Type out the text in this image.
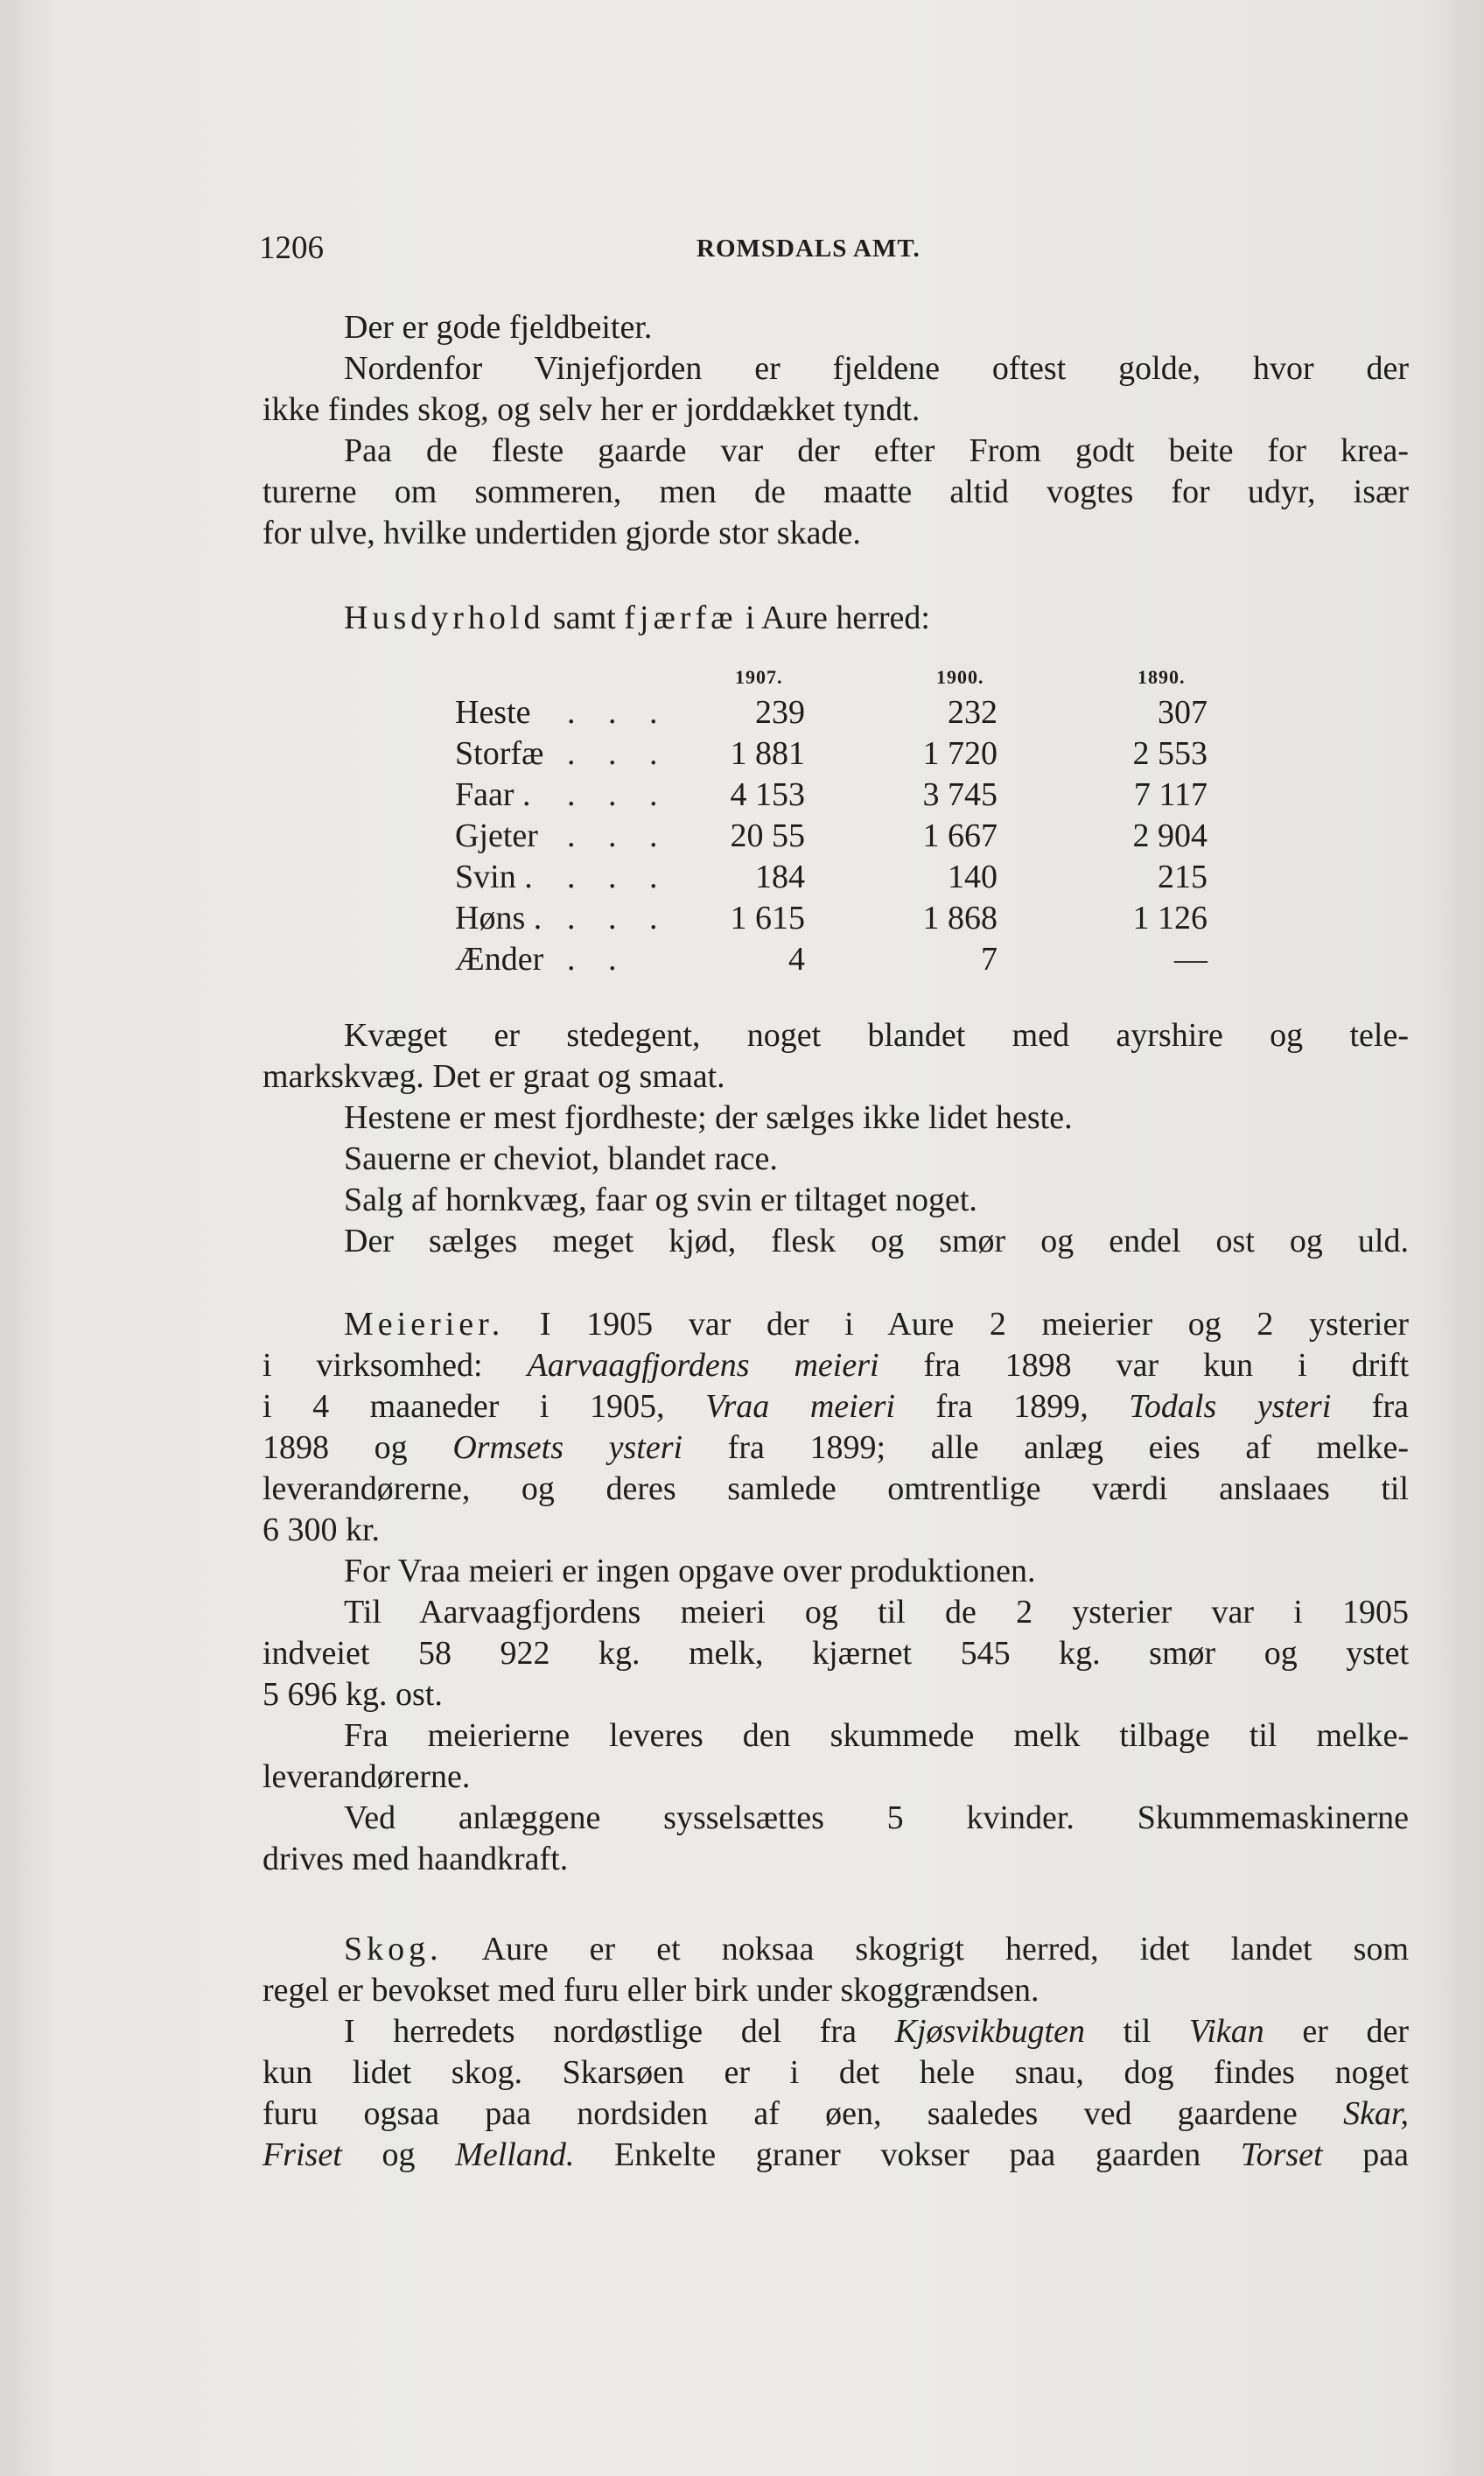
1206	ROMSDALS AMT.
Der er gode fjeldbeiter.
Nordenfor Vinjefjorden er fjeldene oftest golde, hvor der
ikke findes skog, og selv her er jorddækket tyndt.
Paa de fleste gaarde var der efter From godt beite for krea-
turerne om sommeren, men de maatte altid vogtes for udyr, især
for ulve, hvilke undertiden gjorde stor skade.
Husdyrhold samt fjærfæ i Aure herred:
1907.	1900.	1890.
Heste . . .	239	232	307
Storfæ . . .	1 881	1 720	2 553
Faar . . . .	4 153	3 745	7 117
Gjeter . . .	20 55	1 667	2 904
Svin . . . .	184	140	215
Høns . . . .	1 615	1 868	1 126
Ænder . .	4	7	—
Kvæget er stedegent, noget blandet med ayrshire og tele-
markskvæg. Det er graat og smaat.
Hestene er mest fjordheste; der sælges ikke lidet heste.
Sauerne er cheviot, blandet race.
Salg af hornkvæg, faar og svin er tiltaget noget.
Der sælges meget kjød, flesk og smør og endel ost og uld.
Meierier. I 1905 var der i Aure 2 meierier og 2 ysterier
i virksomhed: Aarvaagfjordens meieri fra 1898 var kun i drift
i 4 maaneder i 1905, Vraa meieri fra 1899, Todals ysteri fra
1898 og Ormsets ysteri fra 1899; alle anlæg eies af melke-
leverandørerne, og deres samlede omtrentlige værdi anslaaes til
6 300 kr.
For Vraa meieri er ingen opgave over produktionen.
Til Aarvaagfjordens meieri og til de 2 ysterier var i 1905
indveiet 58 922 kg. melk, kjærnet 545 kg. smør og ystet
5 696 kg. ost.
Fra meierierne leveres den skummede melk tilbage til melke-
leverandørerne.
Ved anlæggene sysselsættes 5 kvinder. Skummemaskinerne
drives med haandkraft.
Skog. Aure er et noksaa skogrigt herred, idet landet som
regel er bevokset med furu eller birk under skoggrændsen.
I herredets nordøstlige del fra Kjøsvikbugten til Vikan er der
kun lidet skog. Skarsøen er i det hele snau, dog findes noget
furu ogsaa paa nordsiden af øen, saaledes ved gaardene Skar,
Friset og Melland. Enkelte graner vokser paa gaarden Torset paa
